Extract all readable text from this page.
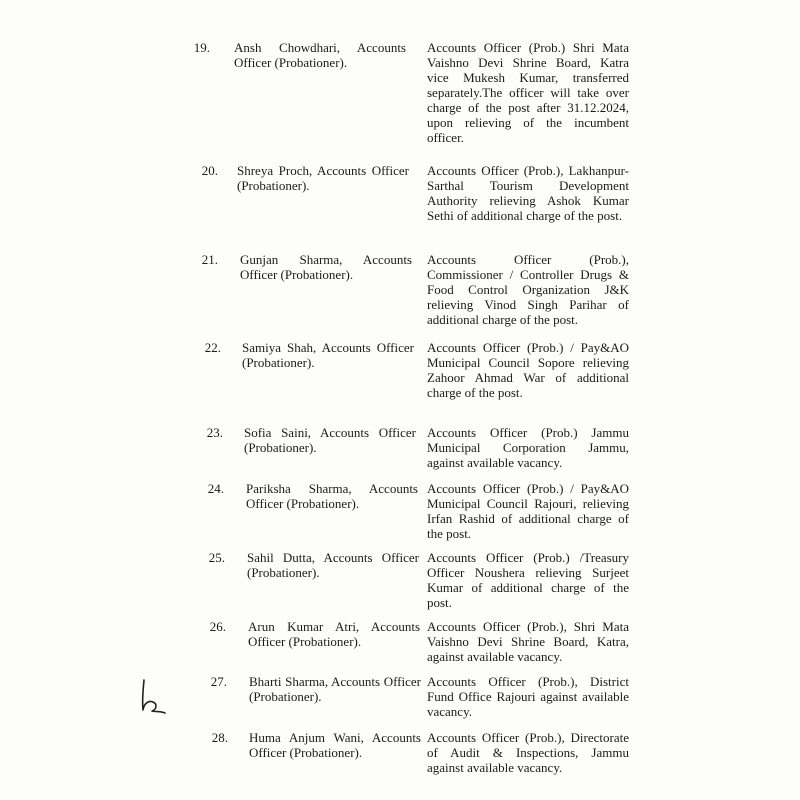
19. Ansh Chowdhari, Accounts Officer (Probationer).
Accounts Officer (Prob.) Shri Mata Vaishno Devi Shrine Board, Katra vice Mukesh Kumar, transferred separately.The officer will take over charge of the post after 31.12.2024, upon relieving of the incumbent officer.
20. Shreya Proch, Accounts Officer (Probationer).
Accounts Officer (Prob.), Lakhanpur- Sarthal Tourism Development Authority relieving Ashok Kumar Sethi of additional charge of the post.
21. Gunjan Sharma, Accounts Officer (Probationer).
Accounts Officer (Prob.), Commissioner / Controller Drugs & Food Control Organization J&K relieving Vinod Singh Parihar of additional charge of the post.
22. Samiya Shah, Accounts Officer (Probationer).
Accounts Officer (Prob.) / Pay&AO Municipal Council Sopore relieving Zahoor Ahmad War of additional charge of the post.
23. Sofia Saini, Accounts Officer (Probationer).
Accounts Officer (Prob.) Jammu Municipal Corporation Jammu, against available vacancy.
24. Pariksha Sharma, Accounts Officer (Probationer).
Accounts Officer (Prob.) / Pay&AO Municipal Council Rajouri, relieving Irfan Rashid of additional charge of the post.
25. Sahil Dutta, Accounts Officer (Probationer).
Accounts Officer (Prob.) /Treasury Officer Noushera relieving Surjeet Kumar of additional charge of the post.
26. Arun Kumar Atri, Accounts Officer (Probationer).
Accounts Officer (Prob.), Shri Mata Vaishno Devi Shrine Board, Katra, against available vacancy.
27. Bharti Sharma, Accounts Officer (Probationer).
Accounts Officer (Prob.), District Fund Office Rajouri against available vacancy.
28. Huma Anjum Wani, Accounts Officer (Probationer).
Accounts Officer (Prob.), Directorate of Audit & Inspections, Jammu against available vacancy.
